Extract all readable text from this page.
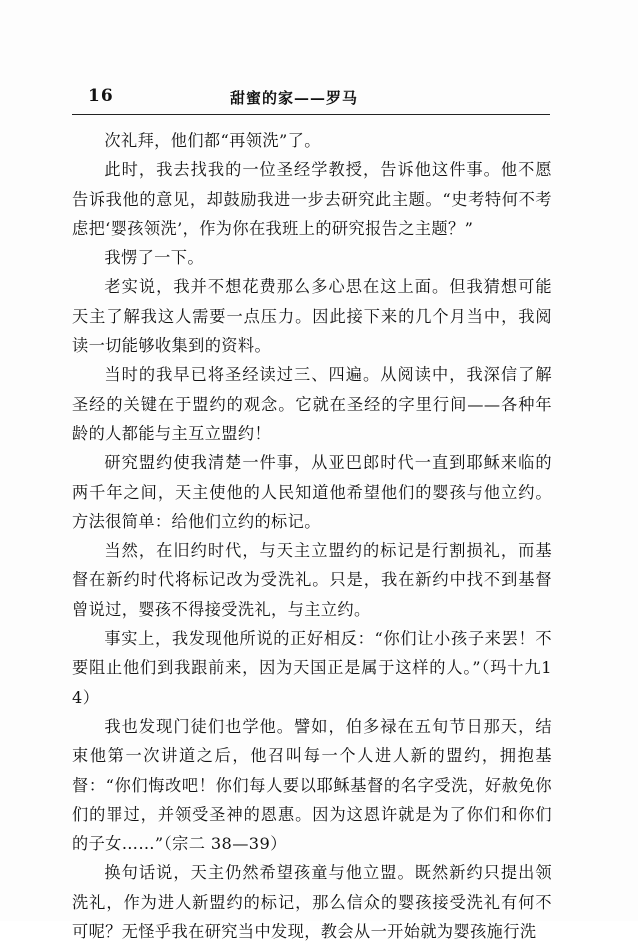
16	甜蜜的家——罗马

次礼拜，他们都“再领洗”了。

此时，我去找我的一位圣经学教授，告诉他这件事。他不愿告诉我他的意见，却鼓励我进一步去研究此主题。“史考特何不考虑把‘婴孩领洗’，作为你在我班上的研究报告之主题？”

我愣了一下。

老实说，我并不想花费那么多心思在这上面。但我猜想可能天主了解我这人需要一点压力。因此接下来的几个月当中，我阅读一切能够收集到的资料。

当时的我早已将圣经读过三、四遍。从阅读中，我深信了解圣经的关键在于盟约的观念。它就在圣经的字里行间——各种年龄的人都能与主互立盟约！

研究盟约使我清楚一件事，从亚巴郎时代一直到耶稣来临的两千年之间，天主使他的人民知道他希望他们的婴孩与他立约。方法很简单：给他们立约的标记。

当然，在旧约时代，与天主立盟约的标记是行割损礼，而基督在新约时代将标记改为受洗礼。只是，我在新约中找不到基督曾说过，婴孩不得接受洗礼，与主立约。

事实上，我发现他所说的正好相反：“你们让小孩子来罢！不要阻止他们到我跟前来，因为天国正是属于这样的人。”（玛十九14）

我也发现门徒们也学他。譬如，伯多禄在五旬节日那天，结束他第一次讲道之后，他召叫每一个人进人新的盟约，拥抱基督：“你们悔改吧！你们每人要以耶稣基督的名字受洗，好赦免你们的罪过，并领受圣神的恩惠。因为这恩许就是为了你们和你们的子女……”（宗二 38—39）

换句话说，天主仍然希望孩童与他立盟。既然新约只提出领洗礼，作为进人新盟约的标记，那么信众的婴孩接受洗礼有何不可呢？无怪乎我在研究当中发现，教会从一开始就为婴孩施行洗
